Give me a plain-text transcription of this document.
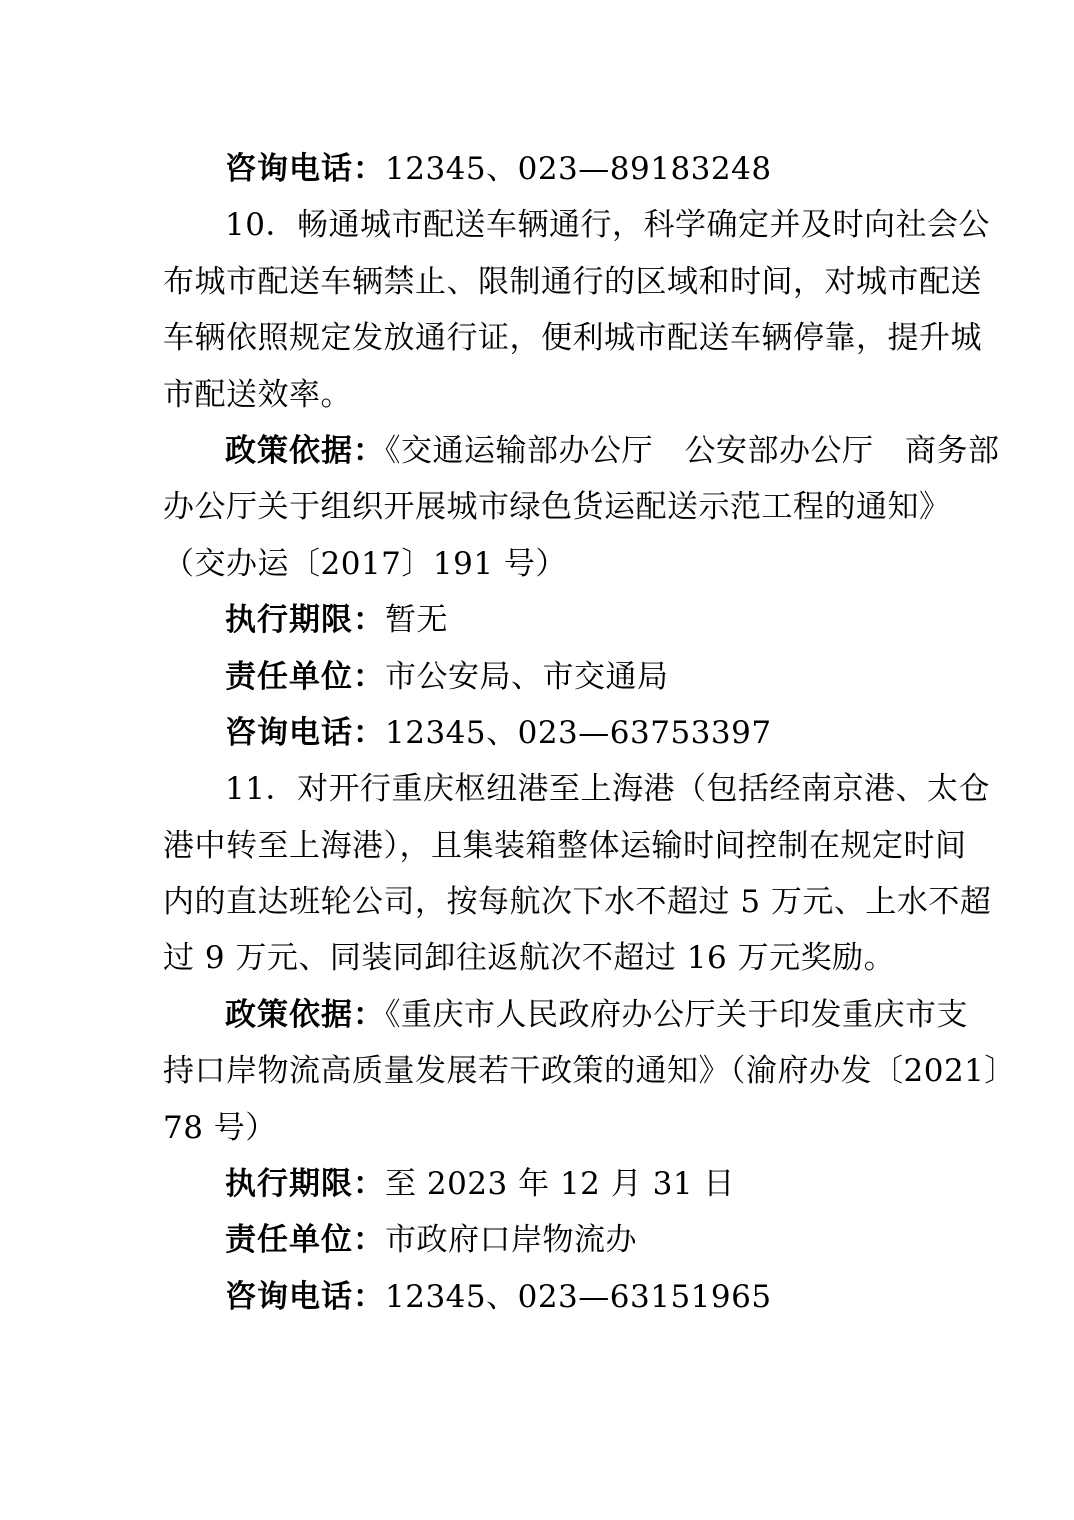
咨询电话：12345、023—89183248
10．畅通城市配送车辆通行，科学确定并及时向社会公
布城市配送车辆禁止、限制通行的区域和时间，对城市配送
车辆依照规定发放通行证，便利城市配送车辆停靠，提升城
市配送效率。
政策依据：《交通运输部办公厅　公安部办公厅　商务部
办公厅关于组织开展城市绿色货运配送示范工程的通知》
（交办运〔2017〕191 号）
执行期限：暂无
责任单位：市公安局、市交通局
咨询电话：12345、023—63753397
11．对开行重庆枢纽港至上海港（包括经南京港、太仓
港中转至上海港），且集装箱整体运输时间控制在规定时间
内的直达班轮公司，按每航次下水不超过 5 万元、上水不超
过 9 万元、同装同卸往返航次不超过 16 万元奖励。
政策依据：《重庆市人民政府办公厅关于印发重庆市支
持口岸物流高质量发展若干政策的通知》（渝府办发〔2021〕
78 号）
执行期限：至 2023 年 12 月 31 日
责任单位：市政府口岸物流办
咨询电话：12345、023—63151965
